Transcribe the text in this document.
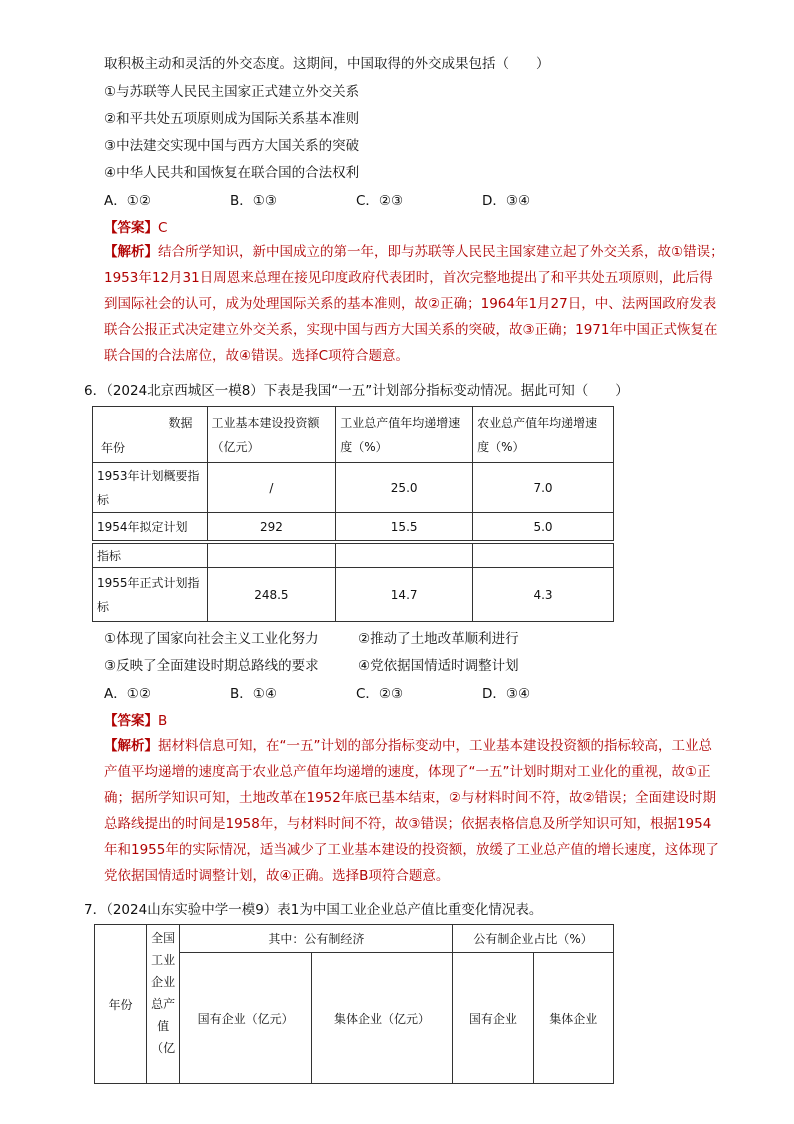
取积极主动和灵活的外交态度。这期间，中国取得的外交成果包括（　　）
①与苏联等人民民主国家正式建立外交关系
②和平共处五项原则成为国际关系基本准则
③中法建交实现中国与西方大国关系的突破
④中华人民共和国恢复在联合国的合法权利
A．①②	B．①③	C．②③	D．③④
【答案】C
【解析】结合所学知识，新中国成立的第一年，即与苏联等人民民主国家建立起了外交关系，故①错误；1953年12月31日周恩来总理在接见印度政府代表团时，首次完整地提出了和平共处五项原则，此后得到国际社会的认可，成为处理国际关系的基本准则，故②正确；1964年1月27日，中、法两国政府发表联合公报正式决定建立外交关系，实现中国与西方大国关系的突破，故③正确；1971年中国正式恢复在联合国的合法席位，故④错误。选择C项符合题意。
6．（2024北京西城区一模8）下表是我国“一五”计划部分指标变动情况。据此可知（　　）
数据
年份	工业基本建设投资额（亿元）	工业总产值年均递增速度（%）	农业总产值年均递增速度（%）
1953年计划概要指标	/	25.0	7.0
1954年拟定计划	292	15.5	5.0
指标			
1955年正式计划指标	248.5	14.7	4.3
①体现了国家向社会主义工业化努力	②推动了土地改革顺利进行
③反映了全面建设时期总路线的要求	④党依据国情适时调整计划
A．①②	B．①④	C．②③	D．③④
【答案】B
【解析】据材料信息可知，在“一五”计划的部分指标变动中，工业基本建设投资额的指标较高，工业总产值平均递增的速度高于农业总产值年均递增的速度，体现了“一五”计划时期对工业化的重视，故①正确；据所学知识可知，土地改革在1952年底已基本结束，②与材料时间不符，故②错误；全面建设时期总路线提出的时间是1958年，与材料时间不符，故③错误；依据表格信息及所学知识可知，根据1954年和1955年的实际情况，适当减少了工业基本建设的投资额，放缓了工业总产值的增长速度，这体现了党依据国情适时调整计划，故④正确。选择B项符合题意。
7．（2024山东实验中学一模9）表1为中国工业企业总产值比重变化情况表。
年份	全国工业企业总产值（亿	其中：公有制经济		公有制企业占比（%）	
		国有企业（亿元）	集体企业（亿元）	国有企业	集体企业
